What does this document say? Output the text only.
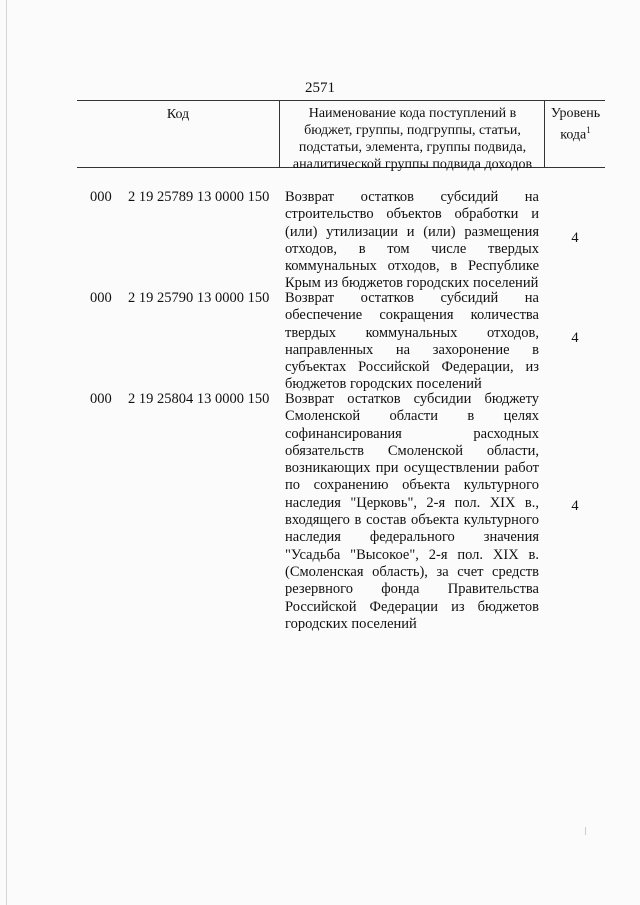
2571
Код	Наименование кода поступлений в
бюджет, группы, подгруппы, статьи,
подстатьи, элемента, группы подвида,
аналитической группы подвида доходов
Уровень
кода$^1$
000 2 19 25789 13 0000 150 Возврат остатков субсидий на
строительство объектов обработки и
(или) утилизации и (или) размещения
отходов, в том числе твердых
коммунальных отходов, в Республике
Крым из бюджетов городских поселений
4
000 2 19 25790 13 0000 150 Возврат остатков субсидий на
обеспечение сокращения количества
твердых коммунальных отходов,
направленных на захоронение в
субъектах Российской Федерации, из
бюджетов городских поселений
4
000 2 19 25804 13 0000 150 Возврат остатков субсидии бюджету
Смоленской области в целях
софинансирования расходных
обязательств Смоленской области,
возникающих при осуществлении работ
по сохранению объекта культурного
наследия "Церковь", 2-я пол. XIX в.,
входящего в состав объекта культурного
наследия федерального значения
"Усадьба "Высокое", 2-я пол. XIX в.
(Смоленская область), за счет средств
резервного фонда Правительства
Российской Федерации из бюджетов
городских поселений
4
